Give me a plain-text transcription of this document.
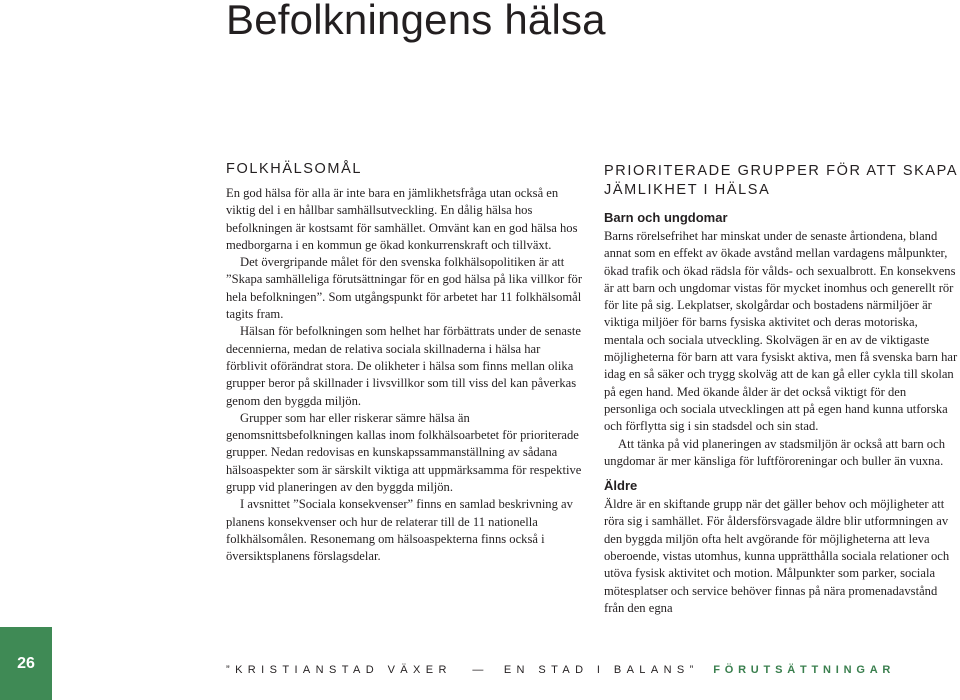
Befolkningens hälsa
FOLKHÄLSOMÅL

En god hälsa för alla är inte bara en jämlikhetsfråga utan också en viktig del i en hållbar samhällsutveckling. En dålig hälsa hos befolkningen är kostsamt för samhället. Omvänt kan en god hälsa hos medborgarna i en kommun ge ökad konkurrenskraft och tillväxt.

Det övergripande målet för den svenska folkhälsopolitiken är att ”Skapa samhälleliga förutsättningar för en god hälsa på lika villkor för hela befolkningen”. Som utgångspunkt för arbetet har 11 folkhälsomål tagits fram.

Hälsan för befolkningen som helhet har förbättrats under de senaste decennierna, medan de relativa sociala skillnaderna i hälsa har förblivit oförändrat stora. De olikheter i hälsa som finns mellan olika grupper beror på skillnader i livsvillkor som till viss del kan påverkas genom den byggda miljön.

Grupper som har eller riskerar sämre hälsa än genomsnittsbefolkningen kallas inom folkhälsoarbetet för prioriterade grupper. Nedan redovisas en kunskapssammanställning av sådana hälsoaspekter som är särskilt viktiga att uppmärksamma för respektive grupp vid planeringen av den byggda miljön.

I avsnittet ”Sociala konsekvenser” finns en samlad beskrivning av planens konsekvenser och hur de relaterar till de 11 nationella folkhälsomålen. Resonemang om hälsoaspekterna finns också i översiktsplanens förslagsdelar.

PRIORITERADE GRUPPER FÖR ATT SKAPA JÄMLIKHET I HÄLSA
Barn och ungdomar

Barns rörelsefrihet har minskat under de senaste årtiondena, bland annat som en effekt av ökade avstånd mellan vardagens målpunkter, ökad trafik och ökad rädsla för vålds- och sexualbrott. En konsekvens är att barn och ungdomar vistas för mycket inomhus och generellt rör för lite på sig. Lekplatser, skolgårdar och bostadens närmiljöer är viktiga miljöer för barns fysiska aktivitet och deras motoriska, mentala och sociala utveckling. Skolvägen är en av de viktigaste möjligheterna för barn att vara fysiskt aktiva, men få svenska barn har idag en så säker och trygg skolväg att de kan gå eller cykla till skolan på egen hand. Med ökande ålder är det också viktigt för den personliga och sociala utvecklingen att på egen hand kunna utforska och förflytta sig i sin stadsdel och sin stad.

Att tänka på vid planeringen av stadsmiljön är också att barn och ungdomar är mer känsliga för luftföroreningar och buller än vuxna.

Äldre

Äldre är en skiftande grupp när det gäller behov och möjligheter att röra sig i samhället. För åldersförsvagade äldre blir utformningen av den byggda miljön ofta helt avgörande för möjligheterna att leva oberoende, vistas utomhus, kunna upprätthålla sociala relationer och utöva fysisk aktivitet och motion. Målpunkter som parker, sociala mötesplatser och service behöver finnas på nära promenadavstånd från den egna

26	”KRISTIANSTAD VÄXER — EN STAD I BALANS” FÖRUTSÄTTNINGAR
